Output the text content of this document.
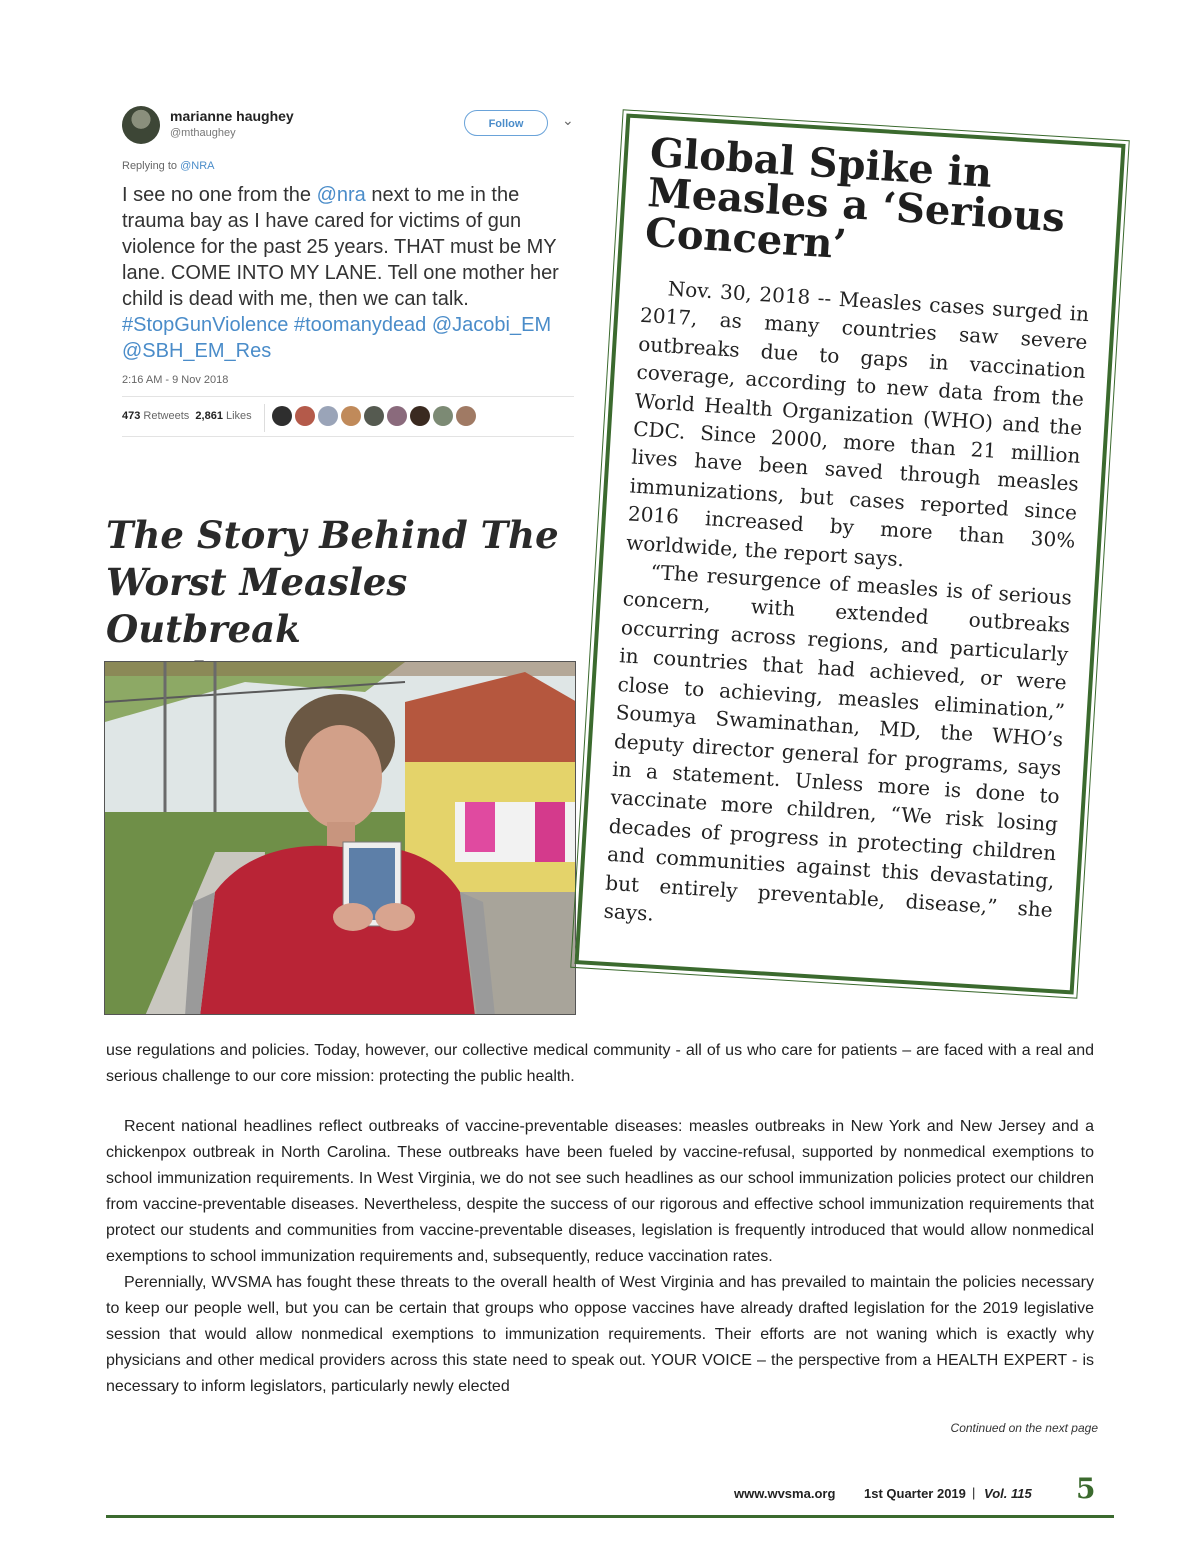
marianne haughey
@mthaughey
Follow	⌄
Replying to @NRA
I see no one from the @nra next to me in the trauma bay as I have cared for victims of gun violence for the past 25 years. THAT must be MY lane. COME INTO MY LANE. Tell one mother her child is dead with me, then we can talk. #StopGunViolence #toomanydead @Jacobi_EM @SBH_EM_Res
2:16 AM - 9 Nov 2018
473 Retweets 2,861 Likes
The Story Behind The
Worst Measles Outbreak

Global Spike in Measles a ‘Serious Concern’

Nov. 30, 2018 -- Measles cases surged in 2017, as many countries saw severe outbreaks due to gaps in vaccination coverage, according to new data from the World Health Organization (WHO) and the CDC. Since 2000, more than 21 million lives have been saved through measles immunizations, but cases reported since 2016 increased by more than 30% worldwide, the report says.

“The resurgence of measles is of serious concern, with extended outbreaks occurring across regions, and particularly in countries that had achieved, or were close to achieving, measles elimination,” Soumya Swaminathan, MD, the WHO’s deputy director general for programs, says in a statement. Unless more is done to vaccinate more children, “We risk losing decades of progress in protecting children and communities against this devastating, but entirely preventable, disease,” she says.

use regulations and policies. Today, however, our collective medical community - all of us who care for patients – are faced with a real and serious challenge to our core mission: protecting the public health.

Recent national headlines reflect outbreaks of vaccine-preventable diseases: measles outbreaks in New York and New Jersey and a chickenpox outbreak in North Carolina. These outbreaks have been fueled by vaccine-refusal, supported by nonmedical exemptions to school immunization requirements. In West Virginia, we do not see such headlines as our school immunization policies protect our children from vaccine-preventable diseases. Nevertheless, despite the success of our rigorous and effective school immunization requirements that protect our students and communities from vaccine-preventable diseases, legislation is frequently introduced that would allow nonmedical exemptions to school immunization requirements and, subsequently, reduce vaccination rates.

Perennially, WVSMA has fought these threats to the overall health of West Virginia and has prevailed to maintain the policies necessary to keep our people well, but you can be certain that groups who oppose vaccines have already drafted legislation for the 2019 legislative session that would allow nonmedical exemptions to immunization requirements. Their efforts are not waning which is exactly why physicians and other medical providers across this state need to speak out. YOUR VOICE – the perspective from a HEALTH EXPERT - is necessary to inform legislators, particularly newly elected

Continued on the next page
www.wvsma.org 1st Quarter 2019 | Vol. 115 5
